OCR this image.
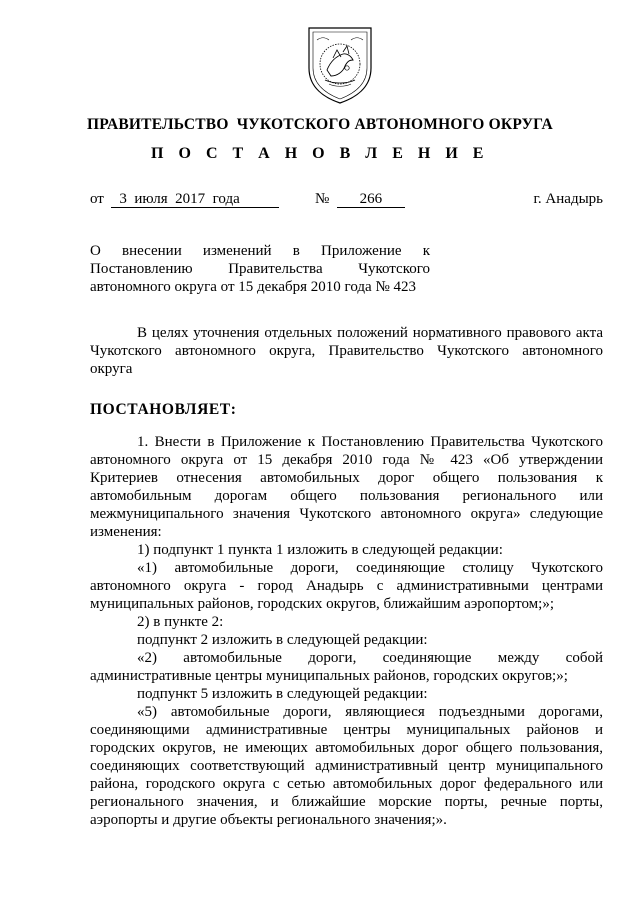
ПРАВИТЕЛЬСТВО  ЧУКОТСКОГО АВТОНОМНОГО ОКРУГА
П О С Т А Н О В Л Е Н И Е
от 3  июля  2017  года	№ 266	г. Анадырь
О внесении изменений в Приложение к
Постановлению Правительства Чукотского
автономного округа от 15 декабря 2010 года № 423
В целях уточнения отдельных положений нормативного правового акта
Чукотского автономного округа, Правительство Чукотского автономного
округа
ПОСТАНОВЛЯЕТ:
1. Внести в Приложение к Постановлению Правительства Чукотского
автономного округа от 15 декабря 2010 года № 423 «Об утверждении
Критериев отнесения автомобильных дорог общего пользования к
автомобильным дорогам общего пользования регионального или
межмуниципального значения Чукотского автономного округа» следующие
изменения:
1) подпункт 1 пункта 1 изложить в следующей редакции:
«1) автомобильные дороги, соединяющие столицу Чукотского
автономного округа - город Анадырь с административными центрами
муниципальных районов, городских округов, ближайшим аэропортом;»;
2) в пункте 2:
подпункт 2 изложить в следующей редакции:
«2) автомобильные дороги, соединяющие между собой
административные центры муниципальных районов, городских округов;»;
подпункт 5 изложить в следующей редакции:
«5) автомобильные дороги, являющиеся подъездными дорогами,
соединяющими административные центры муниципальных районов и
городских округов, не имеющих автомобильных дорог общего пользования,
соединяющих соответствующий административный центр муниципального
района, городского округа с сетью автомобильных дорог федерального или
регионального значения, и ближайшие морские порты, речные порты,
аэропорты и другие объекты регионального значения;».
